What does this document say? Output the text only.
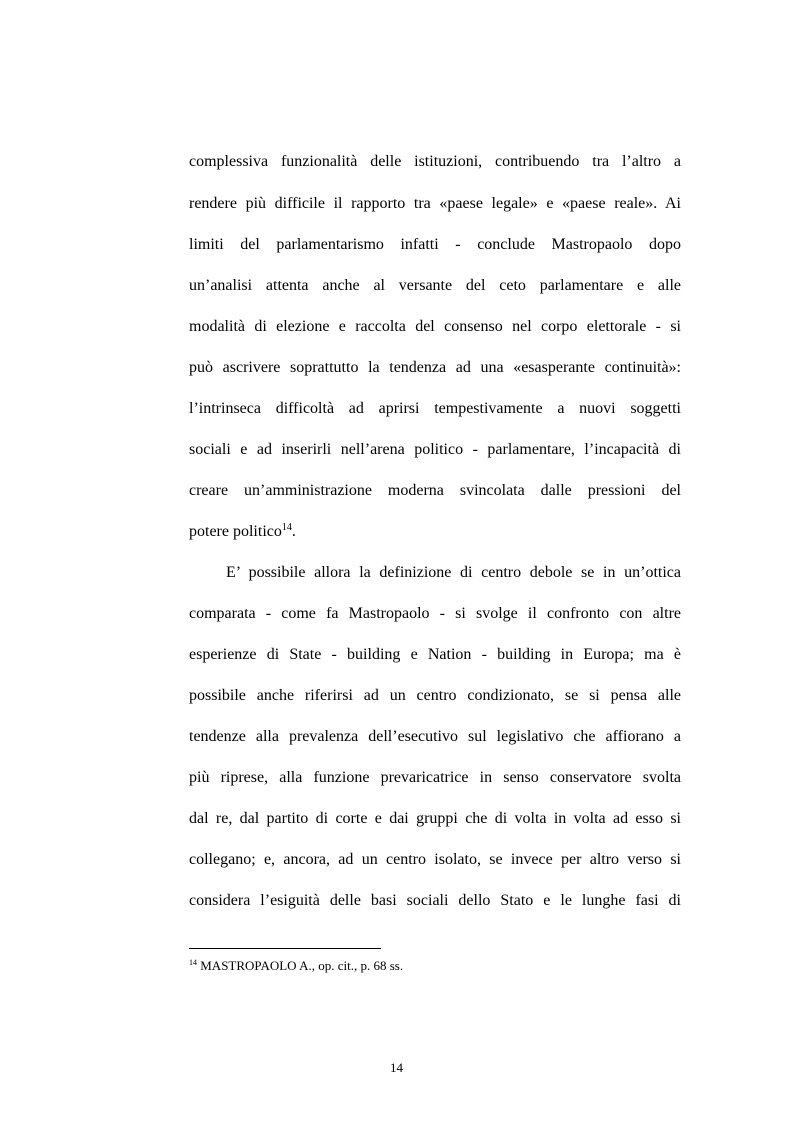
complessiva funzionalità delle istituzioni, contribuendo tra l’altro a
rendere più difficile il rapporto tra «paese legale» e «paese reale». Ai
limiti del parlamentarismo infatti - conclude Mastropaolo dopo
un’analisi attenta anche al versante del ceto parlamentare e alle
modalità di elezione e raccolta del consenso nel corpo elettorale - si
può ascrivere soprattutto la tendenza ad una «esasperante continuità»:
l’intrinseca difficoltà ad aprirsi tempestivamente a nuovi soggetti
sociali e ad inserirli nell’arena politico - parlamentare, l’incapacità di
creare un’amministrazione moderna svincolata dalle pressioni del
potere politico$^{14}$.
E’ possibile allora la definizione di centro debole se in un’ottica
comparata - come fa Mastropaolo - si svolge il confronto con altre
esperienze di State - building e Nation - building in Europa; ma è
possibile anche riferirsi ad un centro condizionato, se si pensa alle
tendenze alla prevalenza dell’esecutivo sul legislativo che affiorano a
più riprese, alla funzione prevaricatrice in senso conservatore svolta
dal re, dal partito di corte e dai gruppi che di volta in volta ad esso si
collegano; e, ancora, ad un centro isolato, se invece per altro verso si
considera l’esiguità delle basi sociali dello Stato e le lunghe fasi di
$^{14}$ MASTROPAOLO A., op. cit., p. 68 ss.
14
